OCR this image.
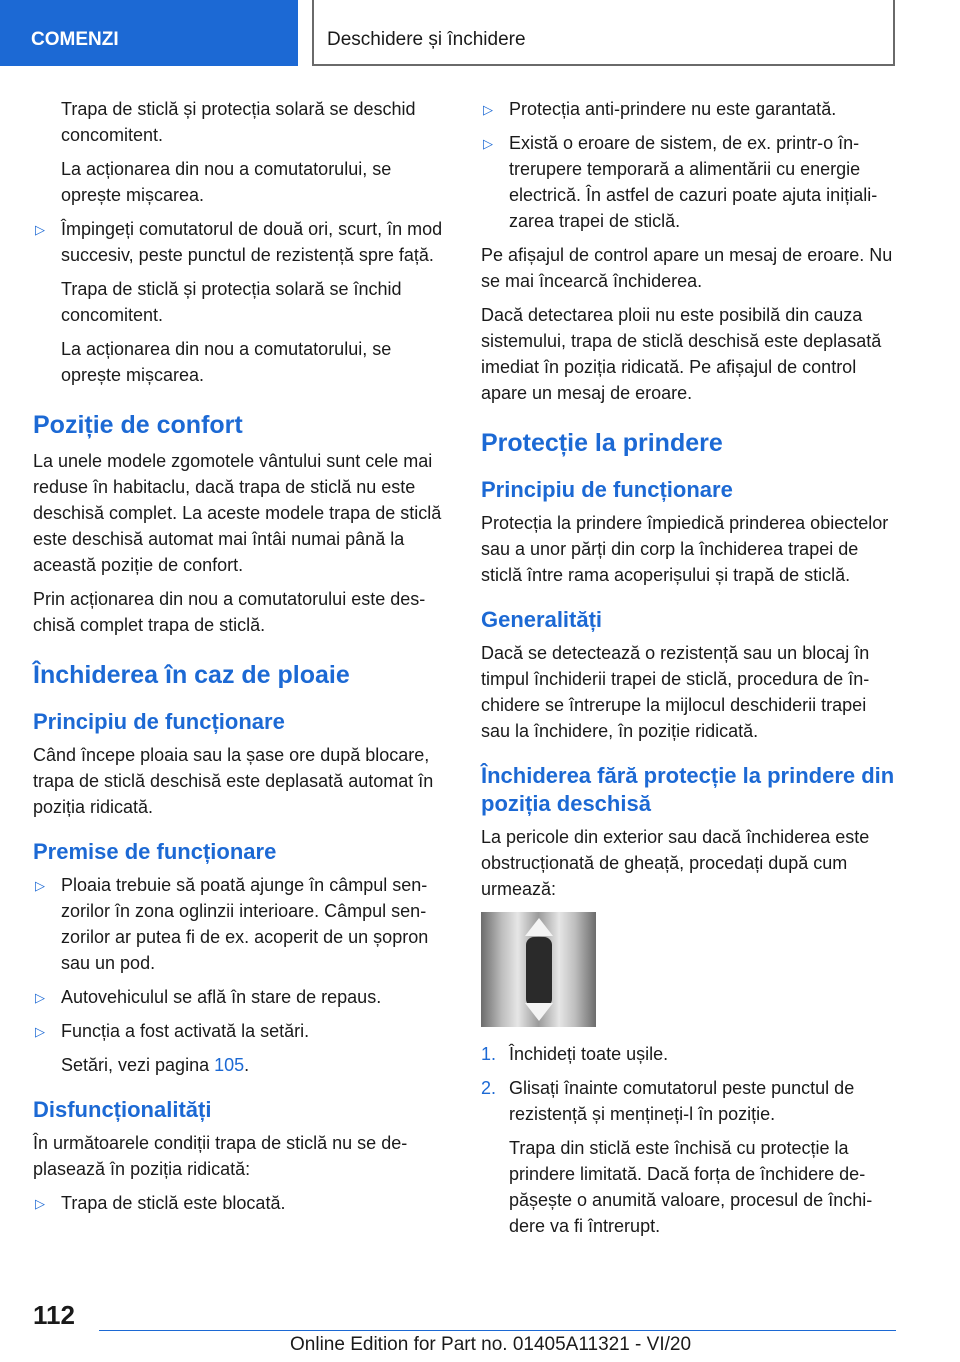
COMENZI	Deschidere și închidere

Trapa de sticlă și protecția solară se deschid concomitent.

La acționarea din nou a comutatorului, se oprește mișcarea.

▷ Împingeți comutatorul de două ori, scurt, în mod succesiv, peste punctul de rezistență spre față.

Trapa de sticlă și protecția solară se închid concomitent.

La acționarea din nou a comutatorului, se oprește mișcarea.

Poziție de confort

La unele modele zgomotele vântului sunt cele mai reduse în habitaclu, dacă trapa de sticlă nu este deschisă complet. La aceste modele trapa de sticlă este deschisă automat mai întâi numai până la această poziție de confort.

Prin acționarea din nou a comutatorului este deschisă complet trapa de sticlă.

Închiderea în caz de ploaie
Principiu de funcționare

Când începe ploaia sau la șase ore după blocare, trapa de sticlă deschisă este deplasată automat în poziția ridicată.

Premise de funcționare
▷ Ploaia trebuie să poată ajunge în câmpul senzorilor în zona oglinzii interioare. Câmpul senzorilor ar putea fi de ex. acoperit de un șopron sau un pod.
▷ Autovehiculul se află în stare de repaus.
▷ Funcția a fost activată la setări.

Setări, vezi pagina 105.

Disfuncționalități

În următoarele condiții trapa de sticlă nu se deplasează în poziția ridicată:

▷ Trapa de sticlă este blocată.
▷ Protecția anti-prindere nu este garantată.
▷ Există o eroare de sistem, de ex. printr-o întrerupere temporară a alimentării cu energie electrică. În astfel de cazuri poate ajuta inițializarea trapei de sticlă.

Pe afișajul de control apare un mesaj de eroare. Nu se mai încearcă închiderea.

Dacă detectarea ploii nu este posibilă din cauza sistemului, trapa de sticlă deschisă este deplasată imediat în poziția ridicată. Pe afișajul de control apare un mesaj de eroare.

Protecție la prindere
Principiu de funcționare

Protecția la prindere împiedică prinderea obiectelor sau a unor părți din corp la închiderea trapei de sticlă între rama acoperișului și trapă de sticlă.

Generalități

Dacă se detectează o rezistență sau un blocaj în timpul închiderii trapei de sticlă, procedura de închidere se întrerupe la mijlocul deschiderii trapei sau la închidere, în poziție ridicată.

Închiderea fără protecție la prindere din poziția deschisă

La pericole din exterior sau dacă închiderea este obstrucționată de gheață, procedați după cum urmează:

1. Închideți toate ușile.
2. Glisați înainte comutatorul peste punctul de rezistență și mențineți-l în poziție.

Trapa din sticlă este închisă cu protecție la prindere limitată. Dacă forța de închidere depășește o anumită valoare, procesul de închidere va fi întrerupt.

112
Online Edition for Part no. 01405A11321 - VI/20
